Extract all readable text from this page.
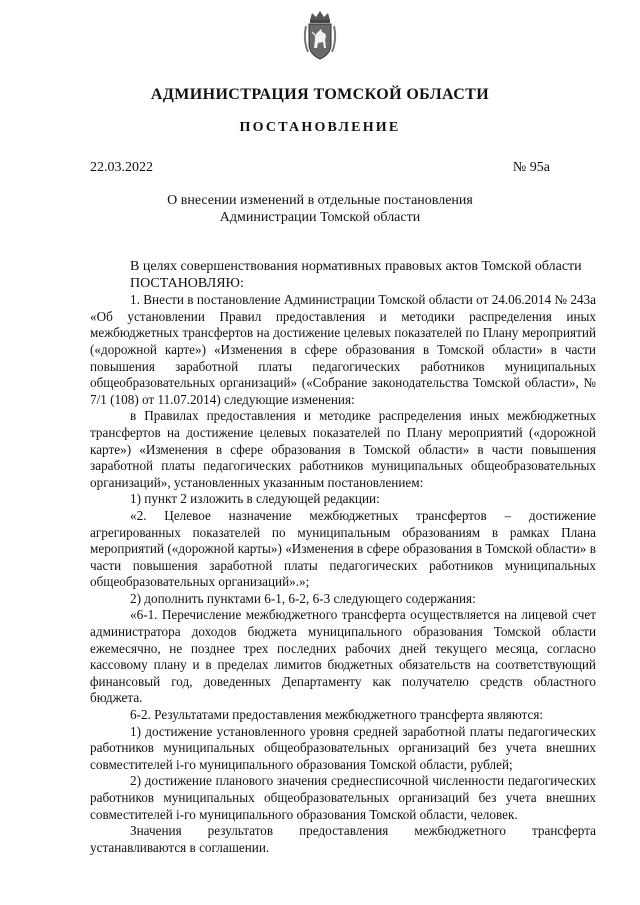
АДМИНИСТРАЦИЯ ТОМСКОЙ ОБЛАСТИ
ПОСТАНОВЛЕНИЕ
22.03.2022	№ 95а
О внесении изменений в отдельные постановления
Администрации Томской области

В целях совершенствования нормативных правовых актов Томской области

ПОСТАНОВЛЯЮ:

1. Внести в постановление Администрации Томской области от 24.06.2014 № 243а «Об установлении Правил предоставления и методики распределения иных межбюджетных трансфертов на достижение целевых показателей по Плану мероприятий («дорожной карте») «Изменения в сфере образования в Томской области» в части повышения заработной платы педагогических работников муниципальных общеобразовательных организаций» («Собрание законодательства Томской области», № 7/1 (108) от 11.07.2014) следующие изменения:

в Правилах предоставления и методике распределения иных межбюджетных трансфертов на достижение целевых показателей по Плану мероприятий («дорожной карте») «Изменения в сфере образования в Томской области» в части повышения заработной платы педагогических работников муниципальных общеобразовательных организаций», установленных указанным постановлением:

1) пункт 2 изложить в следующей редакции:

«2. Целевое назначение межбюджетных трансфертов – достижение агрегированных показателей по муниципальным образованиям в рамках Плана мероприятий («дорожной карты») «Изменения в сфере образования в Томской области» в части повышения заработной платы педагогических работников муниципальных общеобразовательных организаций».»;

2) дополнить пунктами 6-1, 6-2, 6-3 следующего содержания:

«6-1. Перечисление межбюджетного трансферта осуществляется на лицевой счет администратора доходов бюджета муниципального образования Томской области ежемесячно, не позднее трех последних рабочих дней текущего месяца, согласно кассовому плану и в пределах лимитов бюджетных обязательств на соответствующий финансовый год, доведенных Департаменту как получателю средств областного бюджета.

6-2. Результатами предоставления межбюджетного трансферта являются:

1) достижение установленного уровня средней заработной платы педагогических работников муниципальных общеобразовательных организаций без учета внешних совместителей i-го муниципального образования Томской области, рублей;

2) достижение планового значения среднесписочной численности педагогических работников муниципальных общеобразовательных организаций без учета внешних совместителей i-го муниципального образования Томской области, человек.

Значения результатов предоставления межбюджетного трансферта устанавливаются в соглашении.
